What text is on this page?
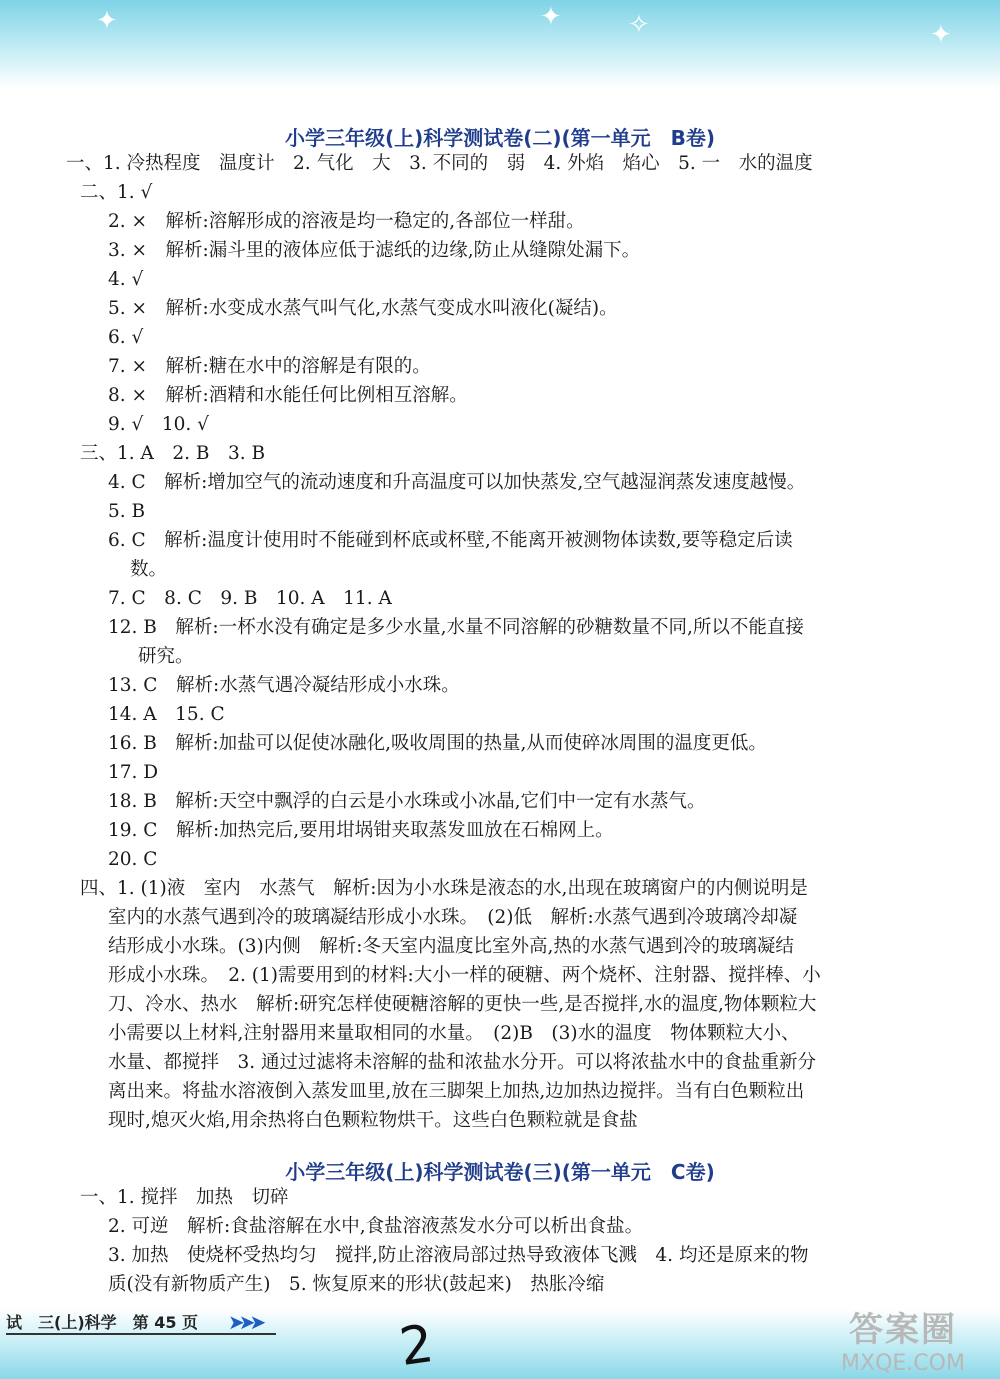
✦	✦	✧	✦
小学三年级(上)科学测试卷(二)(第一单元　B卷)
一、1. 冷热程度　温度计　2. 气化　大　3. 不同的　弱　4. 外焰　焰心　5. 一　水的温度
二、1. √
2. ×　解析:溶解形成的溶液是均一稳定的,各部位一样甜。
3. ×　解析:漏斗里的液体应低于滤纸的边缘,防止从缝隙处漏下。
4. √
5. ×　解析:水变成水蒸气叫气化,水蒸气变成水叫液化(凝结)。
6. √
7. ×　解析:糖在水中的溶解是有限的。
8. ×　解析:酒精和水能任何比例相互溶解。
9. √　10. √
三、1. A　2. B　3. B
4. C　解析:增加空气的流动速度和升高温度可以加快蒸发,空气越湿润蒸发速度越慢。
5. B
6. C　解析:温度计使用时不能碰到杯底或杯壁,不能离开被测物体读数,要等稳定后读
数。
7. C　8. C　9. B　10. A　11. A
12. B　解析:一杯水没有确定是多少水量,水量不同溶解的砂糖数量不同,所以不能直接
研究。
13. C　解析:水蒸气遇冷凝结形成小水珠。
14. A　15. C
16. B　解析:加盐可以促使冰融化,吸收周围的热量,从而使碎冰周围的温度更低。
17. D
18. B　解析:天空中飘浮的白云是小水珠或小冰晶,它们中一定有水蒸气。
19. C　解析:加热完后,要用坩埚钳夹取蒸发皿放在石棉网上。
20. C
四、1. (1)液　室内　水蒸气　解析:因为小水珠是液态的水,出现在玻璃窗户的内侧说明是
室内的水蒸气遇到冷的玻璃凝结形成小水珠。　(2)低　解析:水蒸气遇到冷玻璃冷却凝
结形成小水珠。(3)内侧　解析:冬天室内温度比室外高,热的水蒸气遇到冷的玻璃凝结
形成小水珠。　2. (1)需要用到的材料:大小一样的硬糖、两个烧杯、注射器、搅拌棒、小
刀、冷水、热水　解析:研究怎样使硬糖溶解的更快一些,是否搅拌,水的温度,物体颗粒大
小需要以上材料,注射器用来量取相同的水量。　(2)B　(3)水的温度　物体颗粒大小、
水量、都搅拌　3. 通过过滤将未溶解的盐和浓盐水分开。可以将浓盐水中的食盐重新分
离出来。将盐水溶液倒入蒸发皿里,放在三脚架上加热,边加热边搅拌。当有白色颗粒出
现时,熄灭火焰,用余热将白色颗粒物烘干。这些白色颗粒就是食盐
小学三年级(上)科学测试卷(三)(第一单元　C卷)
一、1. 搅拌　加热　切碎
2. 可逆　解析:食盐溶解在水中,食盐溶液蒸发水分可以析出食盐。
3. 加热　使烧杯受热均匀　搅拌,防止溶液局部过热导致液体飞溅　4. 均还是原来的物
质(没有新物质产生)　5. 恢复原来的形状(鼓起来)　热胀冷缩
试　三(上)科学　第 45 页 ➤➤➤	2	答案圈
MXQE.COM
